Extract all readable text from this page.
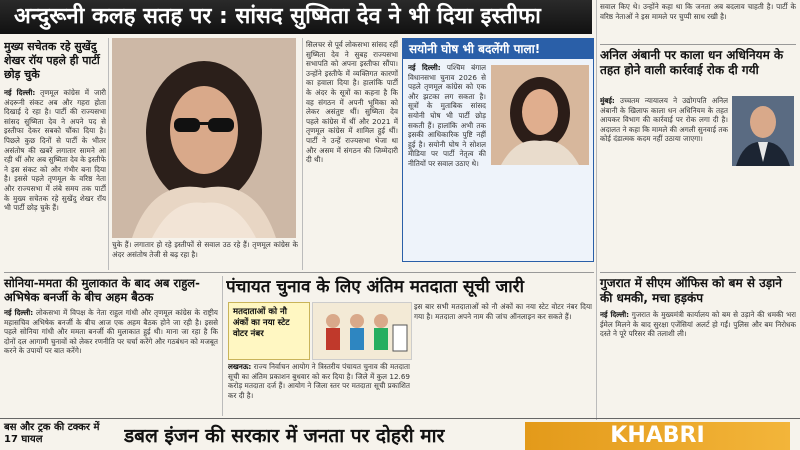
अन्दुरूनी कलह सतह पर : सांसद सुष्मिता देव ने भी दिया इस्तीफा
मुख्य सचेतक रहे सुखेंदु शेखर रॉय पहले ही पार्टी छोड़ चुके
नई दिल्ली: तृणमूल कांग्रेस में जारी अंदरूनी संकट अब और गहरा होता दिखाई दे रहा है। पार्टी की राज्यसभा सांसद सुष्मिता देव ने अपने पद से इस्तीफा देकर सबको चौंका दिया है। पिछले कुछ दिनों से पार्टी के भीतर असंतोष की खबरें लगातार सामने आ रही थीं और अब सुष्मिता देव के इस्तीफे ने इस संकट को और गंभीर बना दिया है। इससे पहले तृणमूल के वरिष्ठ नेता और राज्यसभा में लंबे समय तक पार्टी के मुख्य सचेतक रहे सुखेंदु शेखर रॉय भी पार्टी छोड़ चुके हैं।
चुके हैं। लगातार हो रहे इस्तीफों से सवाल उठ रहे हैं। तृणमूल कांग्रेस के अंदर असंतोष तेजी से बढ़ रहा है।
सिलचर से पूर्व लोकसभा सांसद रहीं सुष्मिता देव ने सुबह राज्यसभा सभापति को अपना इस्तीफा सौंपा। उन्होंने इस्तीफे में व्यक्तिगत कारणों का हवाला दिया है। हालांकि पार्टी के अंदर के सूत्रों का कहना है कि वह संगठन में अपनी भूमिका को लेकर असंतुष्ट थीं। सुष्मिता देव पहले कांग्रेस में थीं और 2021 में तृणमूल कांग्रेस में शामिल हुई थीं। पार्टी ने उन्हें राज्यसभा भेजा था और असम में संगठन की जिम्मेदारी दी थी।
सयोनी घोष भी बदलेंगी पाला!
नई दिल्ली: पश्चिम बंगाल विधानसभा चुनाव 2026 से पहले तृणमूल कांग्रेस को एक और झटका लग सकता है। सूत्रों के मुताबिक सांसद सयोनी घोष भी पार्टी छोड़ सकती हैं। हालांकि अभी तक इसकी आधिकारिक पुष्टि नहीं हुई है। सयोनी घोष ने सोशल मीडिया पर पार्टी नेतृत्व की नीतियों पर सवाल उठाए थे।
सवाल किए थे। उन्होंने कहा था कि जनता अब बदलाव चाहती है। पार्टी के वरिष्ठ नेताओं ने इस मामले पर चुप्पी साध रखी है।
अनिल अंबानी पर काला धन अधिनियम के तहत होने वाली कार्रवाई रोक दी गयी
मुंबई: उच्चतम न्यायालय ने उद्योगपति अनिल अंबानी के खिलाफ काला धन अधिनियम के तहत आयकर विभाग की कार्रवाई पर रोक लगा दी है। अदालत ने कहा कि मामले की अगली सुनवाई तक कोई दंडात्मक कदम नहीं उठाया जाएगा।
गुजरात में सीएम ऑफिस को बम से उड़ाने की धमकी, मचा हड़कंप
नई दिल्ली: गुजरात के मुख्यमंत्री कार्यालय को बम से उड़ाने की धमकी भरा ईमेल मिलने के बाद सुरक्षा एजेंसियां अलर्ट हो गईं। पुलिस और बम निरोधक दस्ते ने पूरे परिसर की तलाशी ली।
सोनिया-ममता की मुलाकात के बाद अब राहुल-अभिषेक बनर्जी के बीच अहम बैठक
नई दिल्ली: लोकसभा में विपक्ष के नेता राहुल गांधी और तृणमूल कांग्रेस के राष्ट्रीय महासचिव अभिषेक बनर्जी के बीच आज एक अहम बैठक होने जा रही है। इससे पहले सोनिया गांधी और ममता बनर्जी की मुलाकात हुई थी। माना जा रहा है कि दोनों दल आगामी चुनावों को लेकर रणनीति पर चर्चा करेंगे और गठबंधन को मजबूत करने के उपायों पर बात करेंगे।
पंचायत चुनाव के लिए अंतिम मतदाता सूची जारी
मतदाताओं को नौ अंकों का नया स्टेट वोटर नंबर
लखनऊ: राज्य निर्वाचन आयोग ने त्रिस्तरीय पंचायत चुनाव की मतदाता सूची का अंतिम प्रकाशन बुधवार को कर दिया है। जिले में कुल 12.69 करोड़ मतदाता दर्ज हैं। आयोग ने जिला स्तर पर मतदाता सूची प्रकाशित कर दी है।
इस बार सभी मतदाताओं को नौ अंकों का नया स्टेट वोटर नंबर दिया गया है। मतदाता अपने नाम की जांच ऑनलाइन कर सकते हैं।
बस और ट्रक की टक्कर में 17 घायल	डबल इंजन की सरकार में जनता पर दोहरी मार	KHABRI
